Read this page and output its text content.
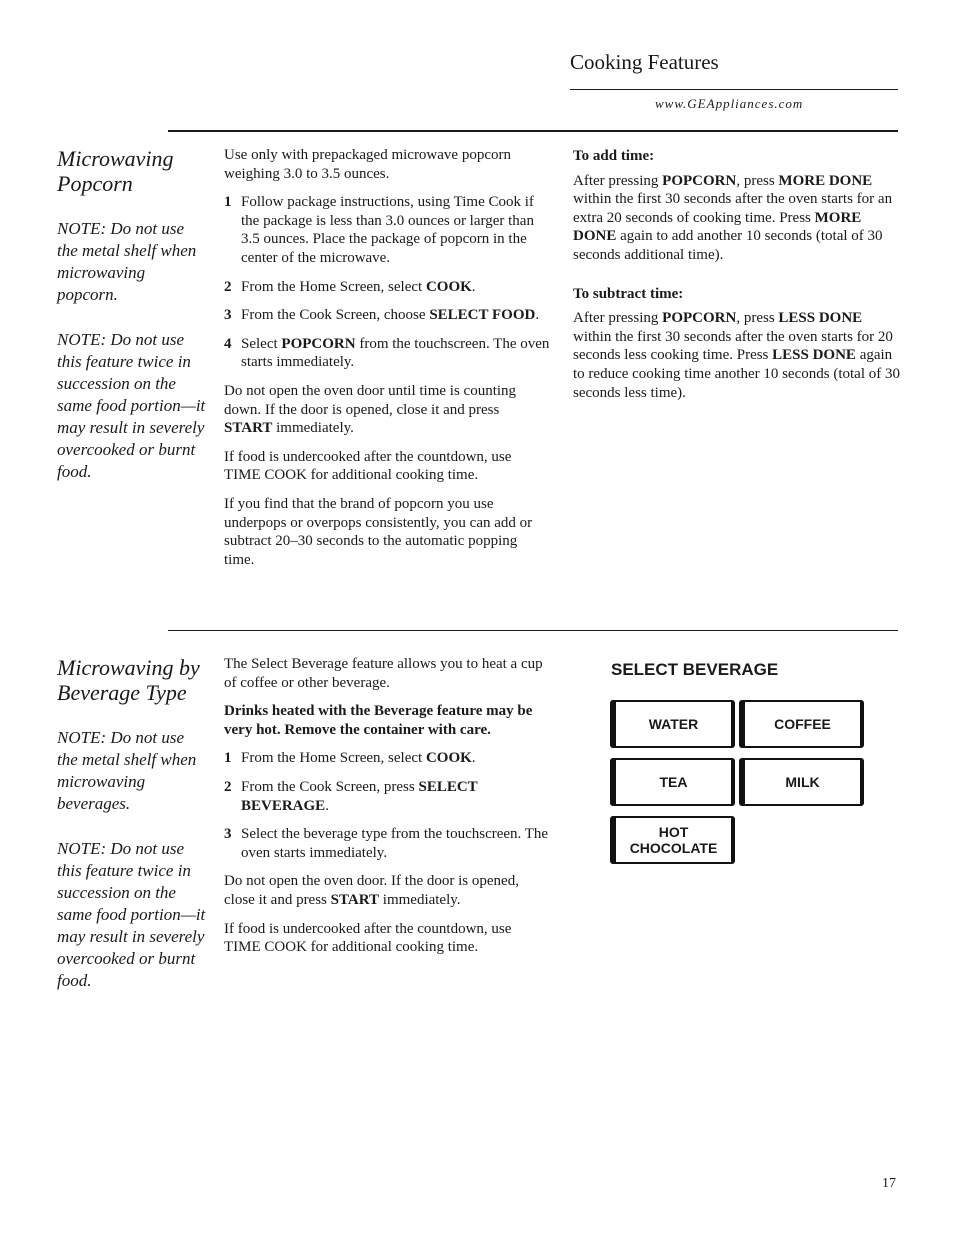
Cooking Features
www.GEAppliances.com
Microwaving
Popcorn

NOTE: Do not use the metal shelf when microwaving popcorn.

NOTE: Do not use this feature twice in succession on the same food portion—it may result in severely overcooked or burnt food.

Use only with prepackaged microwave popcorn weighing 3.0 to 3.5 ounces.

1 Follow package instructions, using Time Cook if the package is less than 3.0 ounces or larger than 3.5 ounces. Place the package of popcorn in the center of the microwave.
2 From the Home Screen, select COOK.
3 From the Cook Screen, choose SELECT FOOD.
4 Select POPCORN from the touchscreen. The oven starts immediately.

Do not open the oven door until time is counting down. If the door is opened, close it and press START immediately.

If food is undercooked after the countdown, use TIME COOK for additional cooking time.

If you find that the brand of popcorn you use underpops or overpops consistently, you can add or subtract 20–30 seconds to the automatic popping time.

To add time:

After pressing POPCORN, press MORE DONE within the first 30 seconds after the oven starts for an extra 20 seconds of cooking time. Press MORE DONE again to add another 10 seconds (total of 30 seconds additional time).

To subtract time:

After pressing POPCORN, press LESS DONE within the first 30 seconds after the oven starts for 20 seconds less cooking time. Press LESS DONE again to reduce cooking time another 10 seconds (total of 30 seconds less time).

Microwaving by
Beverage Type

NOTE: Do not use the metal shelf when microwaving beverages.

NOTE: Do not use this feature twice in succession on the same food portion—it may result in severely overcooked or burnt food.

The Select Beverage feature allows you to heat a cup of coffee or other beverage.

Drinks heated with the Beverage feature may be very hot. Remove the container with care.

1 From the Home Screen, select COOK.
2 From the Cook Screen, press SELECT BEVERAGE.
3 Select the beverage type from the touchscreen. The oven starts immediately.

Do not open the oven door. If the door is opened, close it and press START immediately.

If food is undercooked after the countdown, use TIME COOK for additional cooking time.

SELECT BEVERAGE
WATER	COFFEE
TEA	MILK
HOT
CHOCOLATE
17
